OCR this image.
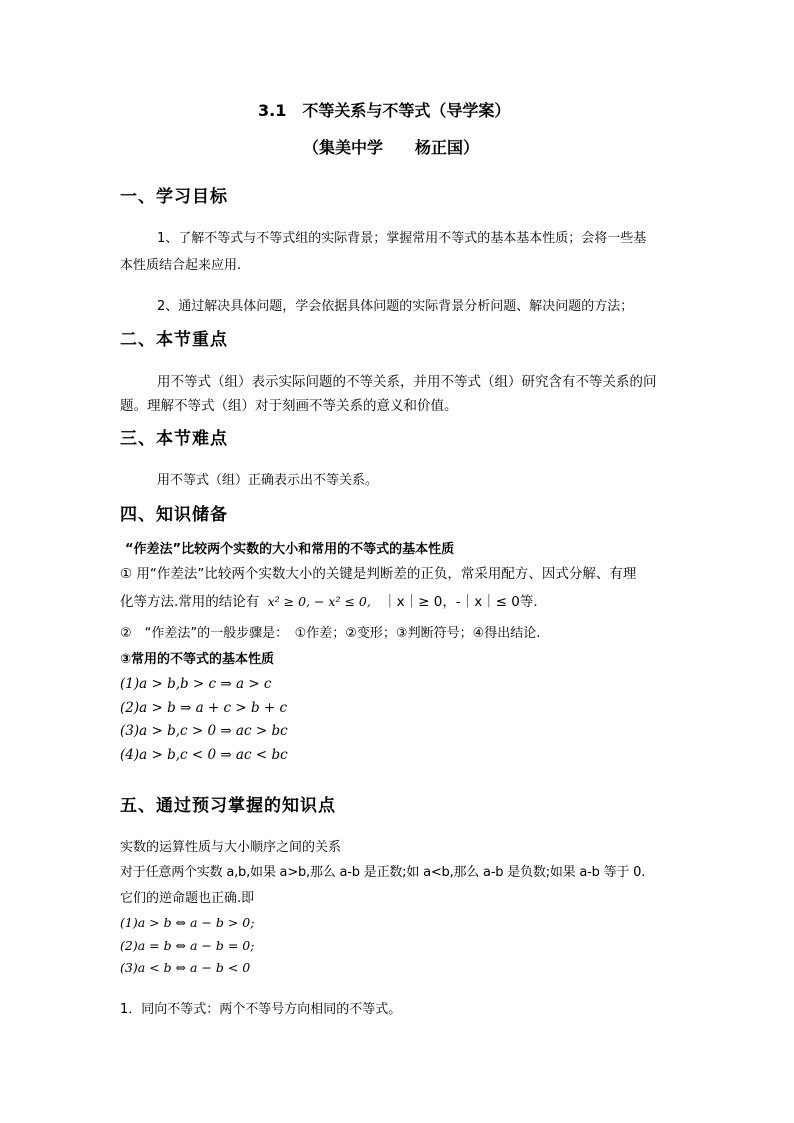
3.1　不等关系与不等式（导学案）
（集美中学　　杨正国）
一、学习目标
1、了解不等式与不等式组的实际背景；掌握常用不等式的基本基本性质；会将一些基
本性质结合起来应用.
2、通过解决具体问题，学会依据具体问题的实际背景分析问题、解决问题的方法；
二、本节重点
用不等式（组）表示实际问题的不等关系，并用不等式（组）研究含有不等关系的问
题。理解不等式（组）对于刻画不等关系的意义和价值。
三、本节难点
用不等式（组）正确表示出不等关系。
四、知识储备
“作差法”比较两个实数的大小和常用的不等式的基本性质
① 用“作差法”比较两个实数大小的关键是判断差的正负，常采用配方、因式分解、有理
化等方法.常用的结论有 x² ≥ 0, − x² ≤ 0, ｜x｜≥ 0，-｜x｜≤ 0等.
②　“作差法”的一般步骤是：　①作差；②变形；③判断符号；④得出结论.
③常用的不等式的基本性质
(1)a > b,b > c ⇒ a > c
(2)a > b ⇒ a + c > b + c
(3)a > b,c > 0 ⇒ ac > bc
(4)a > b,c < 0 ⇒ ac < bc
五、通过预习掌握的知识点
实数的运算性质与大小顺序之间的关系
对于任意两个实数 a,b,如果 a>b,那么 a-b 是正数;如 a<b,那么 a-b 是负数;如果 a-b 等于 0.
它们的逆命题也正确.即
(1)a > b ⇔ a − b > 0;
(2)a = b ⇔ a − b = 0;
(3)a < b ⇔ a − b < 0
1．同向不等式：两个不等号方向相同的不等式。
